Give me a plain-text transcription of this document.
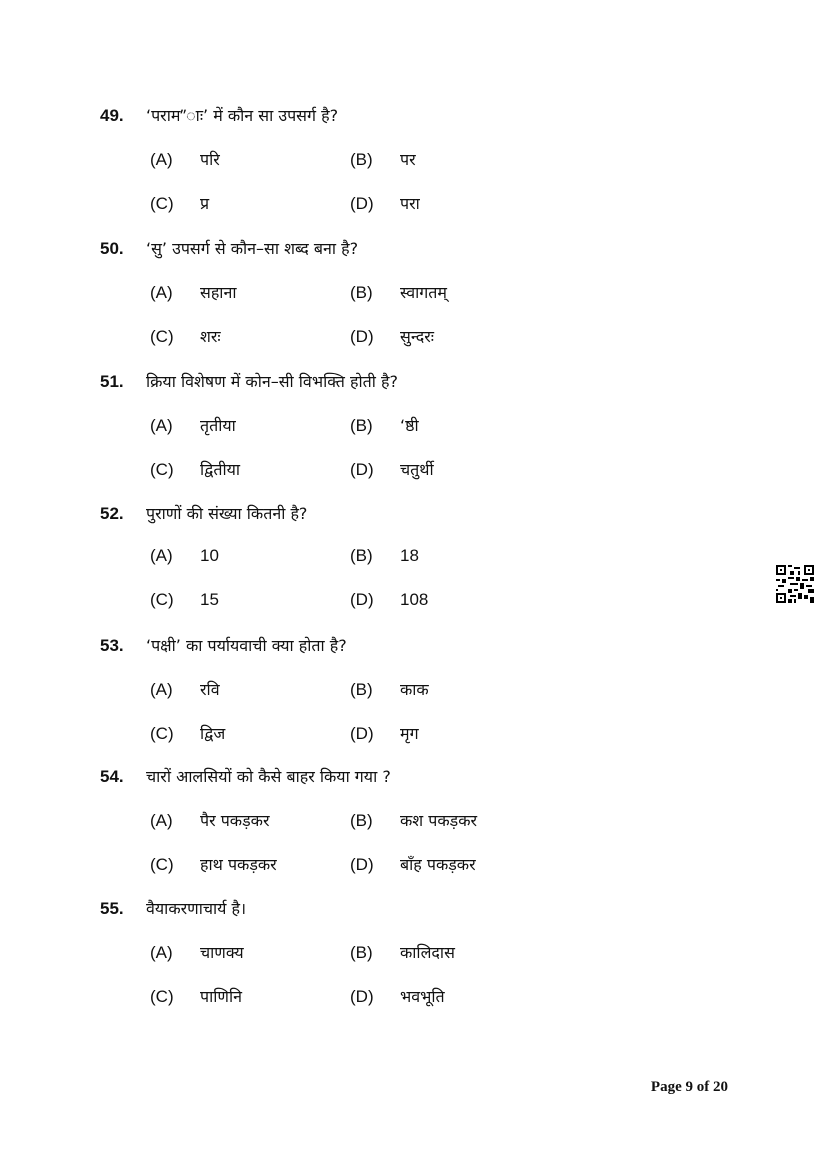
49.	‘पराम”ाः’ में कौन सा उपसर्ग है?
(A)	परि	(B)	पर
(C)	प्र	(D)	परा
50.	‘सु’ उपसर्ग से कौन–सा शब्द बना है?
(A)	सहाना	(B)	स्वागतम्
(C)	शरः	(D)	सुन्दरः
51.	क्रिया विशेषण में कोन–सी विभक्ति होती है?
(A)	तृतीया	(B)	‘ष्ठी
(C)	द्वितीया	(D)	चतुर्थी
52.	पुराणों की संख्या कितनी है?
(A)	10	(B)	18
(C)	15	(D)	108
53.	‘पक्षी’ का पर्यायवाची क्या होता है?
(A)	रवि	(B)	काक
(C)	द्विज	(D)	मृग
54.	चारों आलसियों को कैसे बाहर किया गया ?
(A)	पैर पकड़कर	(B)	कश पकड़कर
(C)	हाथ पकड़कर	(D)	बाँह पकड़कर
55.	वैयाकरणाचार्य है।
(A)	चाणक्य	(B)	कालिदास
(C)	पाणिनि	(D)	भवभूति
Page 9 of 20
